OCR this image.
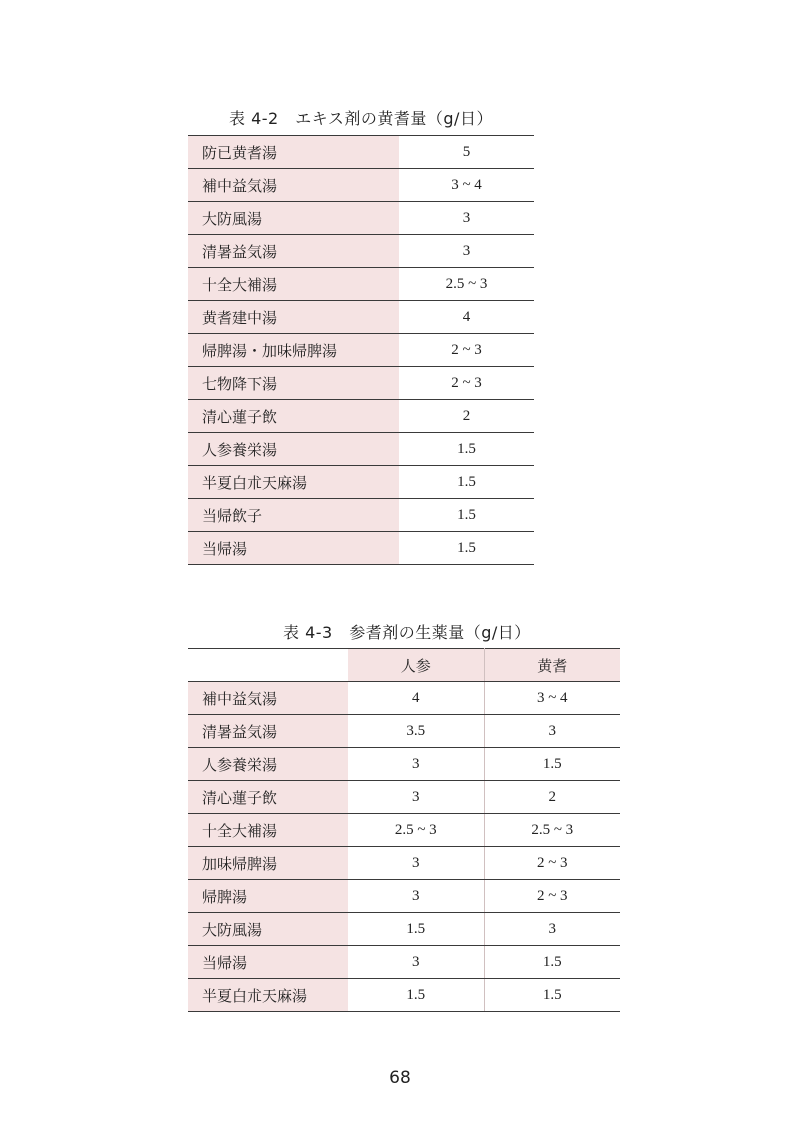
表 4-2　エキス剤の黄耆量（g/日）
防已黄耆湯	5
補中益気湯	3 ~ 4
大防風湯	3
清暑益気湯	3
十全大補湯	2.5 ~ 3
黄耆建中湯	4
帰脾湯・加味帰脾湯	2 ~ 3
七物降下湯	2 ~ 3
清心蓮子飲	2
人参養栄湯	1.5
半夏白朮天麻湯	1.5
当帰飲子	1.5
当帰湯	1.5
表 4-3　参耆剤の生薬量（g/日）
	人参	黄耆
補中益気湯	4	3 ~ 4
清暑益気湯	3.5	3
人参養栄湯	3	1.5
清心蓮子飲	3	2
十全大補湯	2.5 ~ 3	2.5 ~ 3
加味帰脾湯	3	2 ~ 3
帰脾湯	3	2 ~ 3
大防風湯	1.5	3
当帰湯	3	1.5
半夏白朮天麻湯	1.5	1.5
68
